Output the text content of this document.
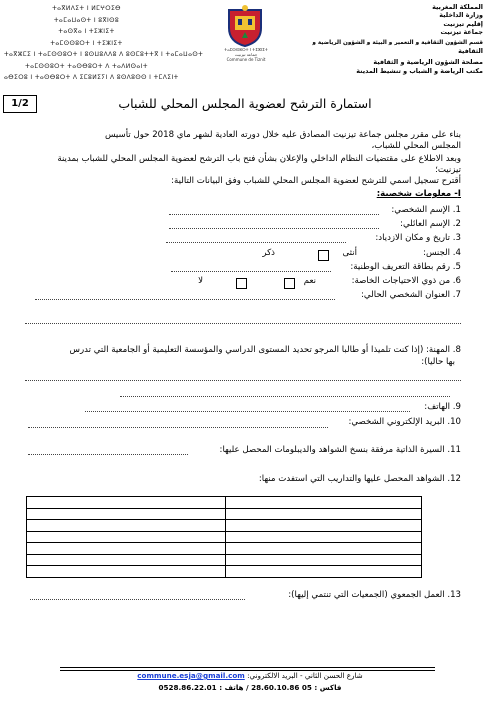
المملكة المغربية
وزارة الداخلية
إقليم تيزنيت
جماعة تيزنيت
قسم الشؤون الثقافية و التعمير و البيئة و الشؤون الرياضية و
الثقافية
مصلحة الشؤون الرياضية و الثقافية
مكتب الرياضة و الشباب و تنشيط المدينة
ⵜⴰⴳⵍⴷⵉⵜ ⵏ ⵍⵎⵖⵔⵉⴱ
ⵜⴰⵎⴰⵡⴰⵙⵜ ⵏ ⵓⴳⵏⵙⵓ
ⵜⴰⵙⴳⴰ ⵏ ⵜⵉⵣⵏⵉⵜ
ⵜⴰⵎⵙⵙⵓⵔⵜ ⵏ ⵜⵉⵣⵏⵉⵜ
ⵜⴰⴳⵣⵎⵉ ⵏ ⵜⴰⵎⵙⵙⵓⵔⵜ ⵏ ⵓⵙⵡⵓⴷⴷⵓ ⴷ ⵓⵙⵎⵓⵜⵜⴳ ⵏ ⵜⴰⵎⴰⵡⴰⵙⵜ
ⵜⴰⵎⵙⵙⵓⵔⵜ ⵜⴰⵙⴱⵓⵔⵜ ⴷ ⵜⴰⴷⵍⵙⴰⵏⵜ
ⴰⴱⵉⵔⵓ ⵏ ⵜⴰⵙⴱⵓⵔⵜ ⴷ ⵉⵎⵓⵍⵉⵢⵏ ⴷ ⵓⵙⴷⵓⵙⵙ ⵏ ⵜⵎⴷⵉⵏⵜ
ⵜⴰⵎⵙⵙⵓⵔⵜ ⵏ ⵜⵉⵣⵏⵉⵜ
جماعة تيزنيت
Commune de Tiznit
1/2	استمارة الترشح لعضوية المجلس المحلي للشباب
بناء على مقرر مجلس جماعة تيزنيت المصادق عليه خلال دورته العادية لشهر ماي 2018 حول تأسيس
المجلس المحلي للشباب،
وبعد الاطلاع على مقتضيات النظام الداخلي والإعلان بشأن فتح باب الترشح لعضوية المجلس المحلي للشباب بمدينة
تيزنيت؛
أقترح تسجيل اسمي للترشح لعضوية المجلس المحلي للشباب وفق البيانات التالية:
I- معلومات شخصية:
1. الإسم الشخصي:
2. الإسم العائلي:
3. تاريخ و مكان الازدياد:
4. الجنس:
أنثى
ذكر
5. رقم بطاقة التعريف الوطنية:
6. من ذوي الاحتياجات الخاصة:
نعم
لا
7. العنوان الشخصي الحالي:
8. المهنة: (إذا كنت تلميذا أو طالبا المرجو تحديد المستوى الدراسي والمؤسسة التعليمية أو الجامعية التي تدرس
بها حاليا):
9. الهاتف:
10. البريد الإلكتروني الشخصي:
11. السيرة الذاتية مرفقة بنسخ الشواهد والديبلومات المحصل عليها:
12. الشواهد المحصل عليها والتداريب التي استفدت منها:

13. العمل الجمعوي (الجمعيات التي تنتمي إليها):
شارع الحسن الثاني - البريد الالكتروني: commune.esja@gmail.com
فاكس : 05 28.60.10.86 / هاتف : 0528.86.22.01
